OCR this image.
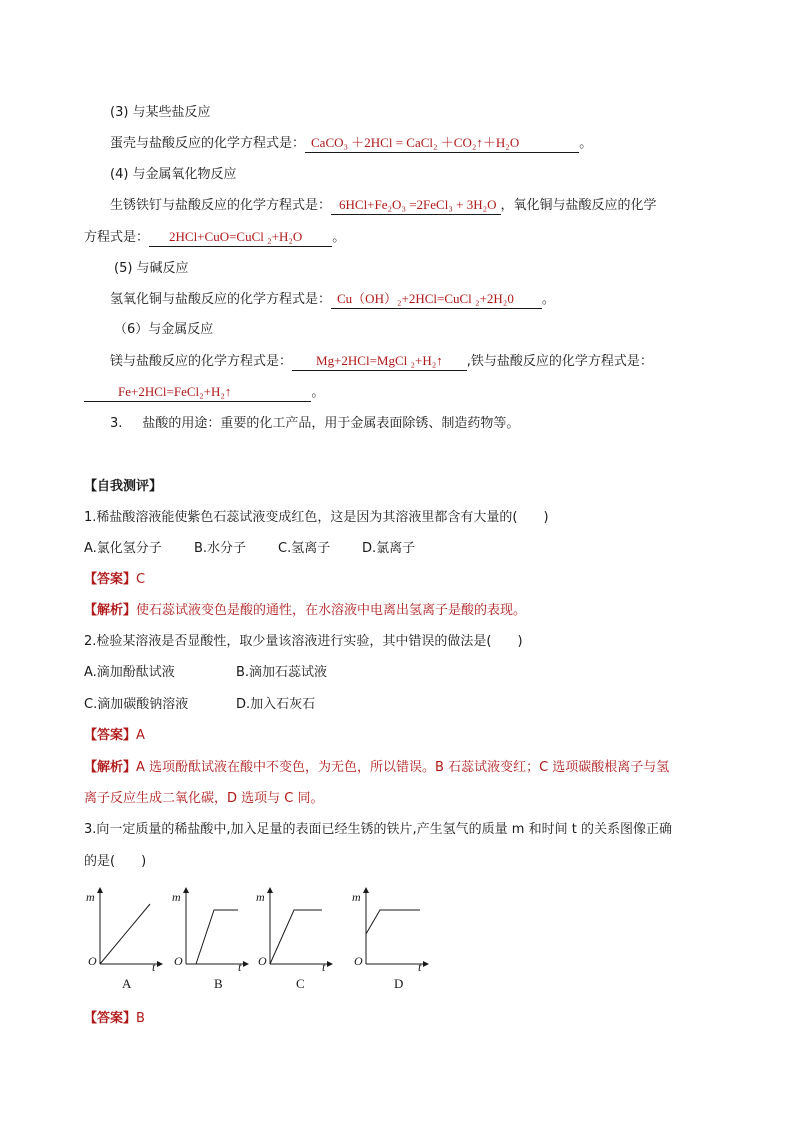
(3) 与某些盐反应
蛋壳与盐酸反应的化学方程式是： CaCO₃ ＋2HCl = CaCl₂ ＋CO₂↑＋H₂O	。
(4) 与金属氧化物反应
生锈铁钉与盐酸反应的化学方程式是： 6HCl+Fe₂O₃ =2FeCl₃ + 3H₂O ，氧化铜与盐酸反应的化学
方程式是： 2HCl+CuO=CuCl ₂+H₂O 。
(5) 与碱反应
氢氧化铜与盐酸反应的化学方程式是： Cu（OH）₂+2HCl=CuCl ₂+2H₂0 。
（6）与金属反应
镁与盐酸反应的化学方程式是： Mg+2HCl=MgCl ₂+H₂↑ ,铁与盐酸反应的化学方程式是：
Fe+2HCl=FeCl₂+H₂↑	。
3. 盐酸的用途：重要的化工产品，用于金属表面除锈、制造药物等。
【自我测评】
1.稀盐酸溶液能使紫色石蕊试液变成红色，这是因为其溶液里都含有大量的(　　)
A.氯化氢分子 B.水分子 C.氢离子 D.氯离子
【答案】C
【解析】使石蕊试液变色是酸的通性，在水溶液中电离出氢离子是酸的表现。
2.检验某溶液是否显酸性，取少量该溶液进行实验，其中错误的做法是(　　)
A.滴加酚酞试液	B.滴加石蕊试液
C.滴加碳酸钠溶液	D.加入石灰石
【答案】A
【解析】A 选项酚酞试液在酸中不变色，为无色，所以错误。B 石蕊试液变红；C 选项碳酸根离子与氢
离子反应生成二氧化碳，D 选项与 C 同。
3.向一定质量的稀盐酸中,加入足量的表面已经生锈的铁片,产生氢气的质量 m 和时间 t 的关系图像正确
的是(　　)
m
t
O
A
m
t
O
B
m
t
O
C
m
t
O
D
【答案】B
